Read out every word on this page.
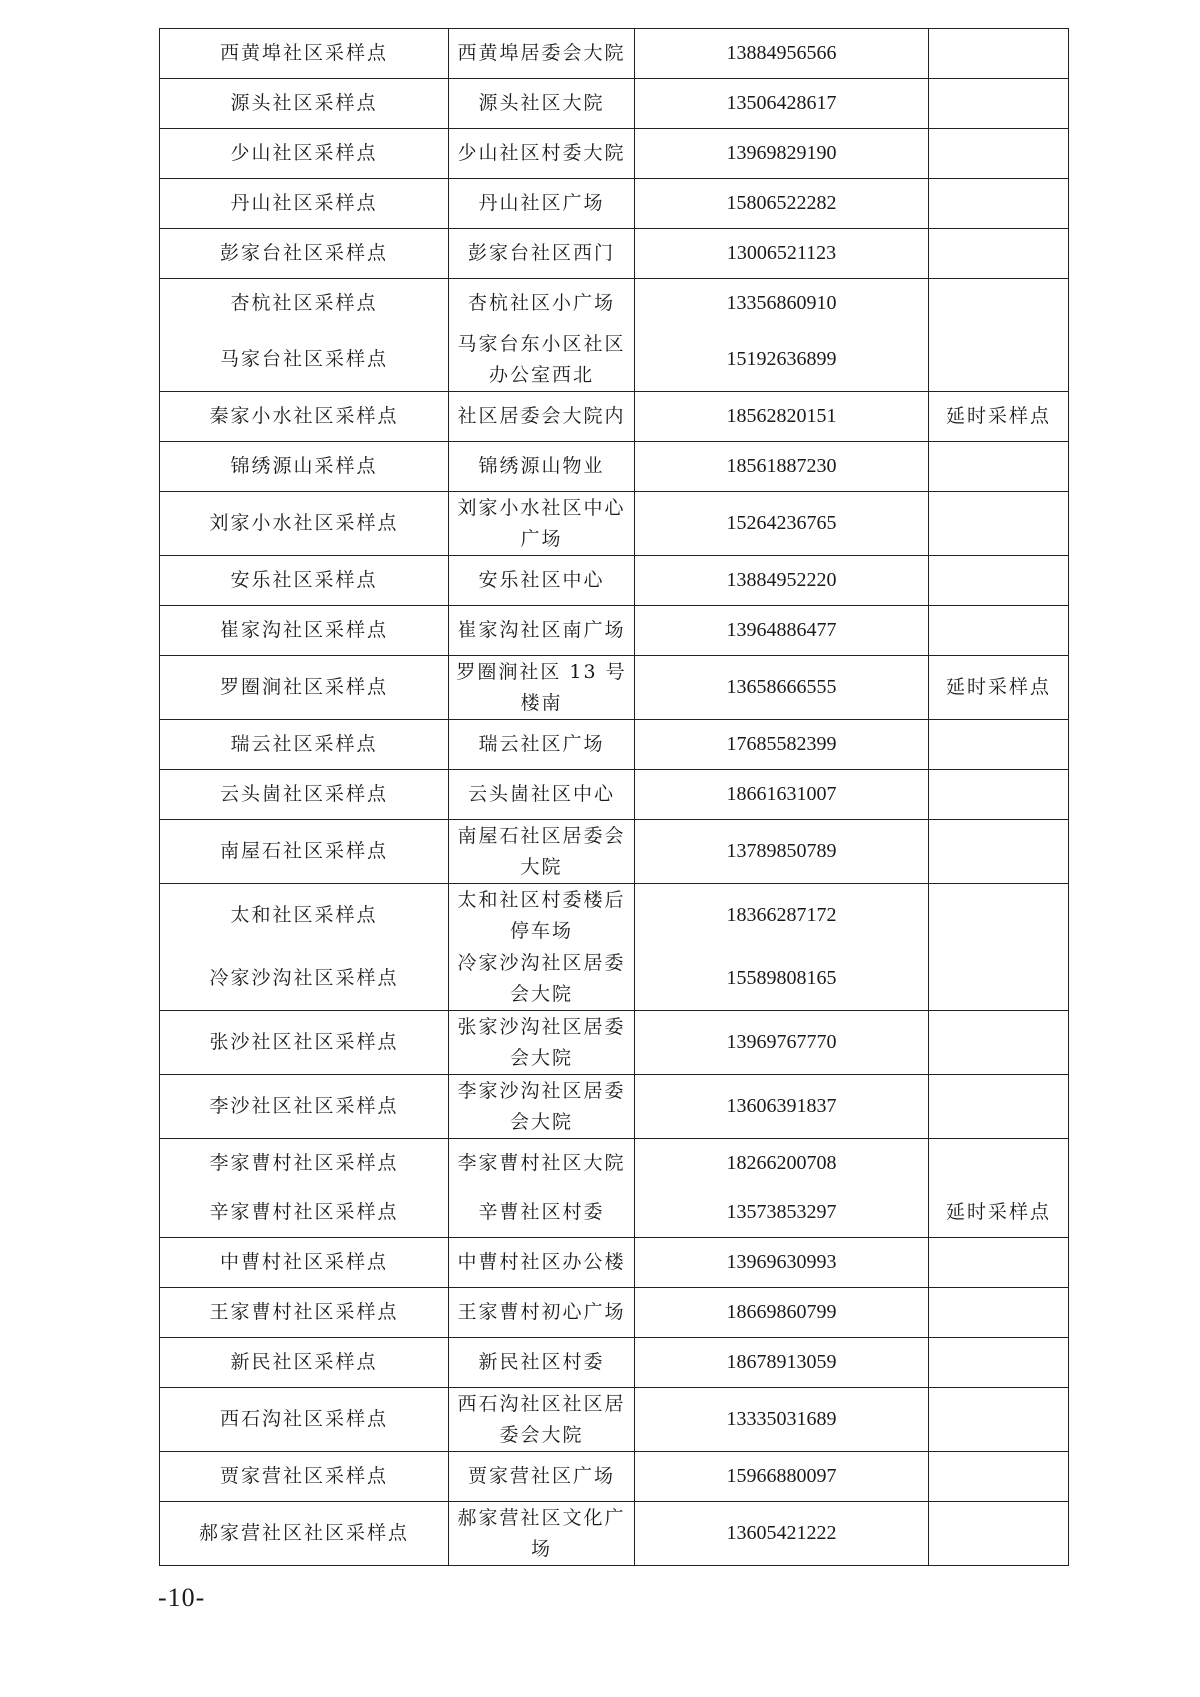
西黄埠社区采样点	西黄埠居委会大院	13884956566	
源头社区采样点	源头社区大院	13506428617	
少山社区采样点	少山社区村委大院	13969829190	
丹山社区采样点	丹山社区广场	15806522282	
彭家台社区采样点	彭家台社区西门	13006521123	
杏杭社区采样点	杏杭社区小广场	13356860910	
马家台社区采样点	马家台东小区社区办公室西北	15192636899	
秦家小水社区采样点	社区居委会大院内	18562820151	延时采样点
锦绣源山采样点	锦绣源山物业	18561887230	
刘家小水社区采样点	刘家小水社区中心广场	15264236765	
安乐社区采样点	安乐社区中心	13884952220	
崔家沟社区采样点	崔家沟社区南广场	13964886477	
罗圈涧社区采样点	罗圈涧社区 13 号楼南	13658666555	延时采样点
瑞云社区采样点	瑞云社区广场	17685582399	
云头崮社区采样点	云头崮社区中心	18661631007	
南屋石社区采样点	南屋石社区居委会大院	13789850789	
太和社区采样点	太和社区村委楼后停车场	18366287172	
冷家沙沟社区采样点	冷家沙沟社区居委会大院	15589808165	
张沙社区社区采样点	张家沙沟社区居委会大院	13969767770	
李沙社区社区采样点	李家沙沟社区居委会大院	13606391837	
李家曹村社区采样点	李家曹村社区大院	18266200708	
辛家曹村社区采样点	辛曹社区村委	13573853297	延时采样点
中曹村社区采样点	中曹村社区办公楼	13969630993	
王家曹村社区采样点	王家曹村初心广场	18669860799	
新民社区采样点	新民社区村委	18678913059	
西石沟社区采样点	西石沟社区社区居委会大院	13335031689	
贾家营社区采样点	贾家营社区广场	15966880097	
郝家营社区社区采样点	郝家营社区文化广场	13605421222	
-10-
